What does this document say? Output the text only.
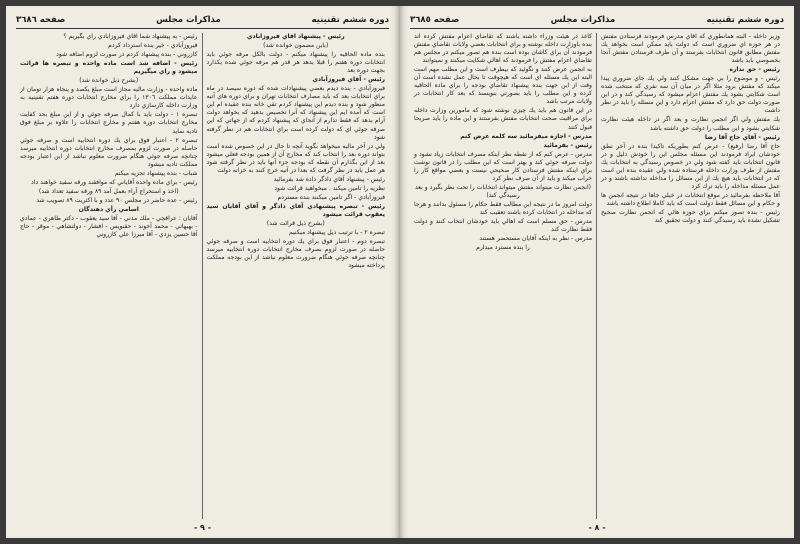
دوره ششم تقنينيه
مذاکرات مجلس
صفحه ٣٦٨٦

رئيس - پيشنهاد آقاي فيروزآبادي

(باين مضمون خوانده شد)

بنده ماده الحاقيه را پيشنهاد ميکنم - دولت بالکل مرفه جوئي بايد انتخابات دوره هفتم را قبلا بدهد هر قدر هم مرفه جوئي شده بکذارد بجهت دوره بعد

رئيس - آقاي فيروزآبادي

فيروزآبادي - بنده ديدم بعضي پيشنهادات شده كه دوره سيصد در ماه براي انتخابات بعد كه بايد مصارف انتخابات تهران و براي دوره هاي آتيه منظور شود و بنده ديدم اين پيشنهاد كردم تقي خانه بنده عقيده ام اين است كه آمده ايم اين پيشنهاد كه آنرا تخصيص بدهيد كه بخواهد دولت آرام بدهد كه فقط تدارم از آنجاي كه پيشنهاد كردم كه از جهاتي كه اين صرفه جوئي اي كه دولت كرده است براي انتخابات هم در نظر گرفته شود

ولي در آخر ماليه ميخواهد بگويد آنچه تا حال در اين خصوص شده است بتواند دوره بعد را انتخاب كند كه مخارج آن از همين بودجه فعلي ميشود بعد از اين بگذارم آن نقطه كه بودجه جزء آنها بايد در نظر گرفته شود هر عمل بايد در نظر گرفت كه بعدا در آتيه خرج كنند به خزانه دولت

رئيس - پيشنهاد آقاي دادگر داده شد بفرمائيد

نظريه را تامين ميكند . ميخواهيد قرائت شود

فيروزآبادي - اگر تامين ميكنند بنده مستردم

رئيس - تبصره پيشنهادي آقاي دادگر و آقاي آقايان سيد يعقوب قرائت ميشود

(بشرح ذيل قرائت شد)

تبصره ٢ - با ترتيب ذيل پيشنهاد ميكنيم

تبصره دوم - اعتبار فوق براي يك دوره انتخابيه است و صرفه جوئي حاصله در صورت لزوم بصرف مخارج انتخابات دوره انتخابيه ميرسد چنانچه صرفه جوئي هنگام ضرورت معلوم نباشد از اين بودجه مملكت پرداخته ميشود

رئيس - به پيشنهاد شما آقاي فيروزآبادي راي بگيريم ؟

فيروزآبادي - خير بنده استرداد كردم

كازروني - بنده پيشنهاد كردم در صورت لزوم اضافه شود

رئيس - اضافه شد است ماده واحده و تبصره ها قرائت ميشود و راي ميگيريم

(بشرح ذيل خوانده شد)

ماده واحده - وزارت ماليه مجاز است مبلغ يكصد و پنجاه هزار تومان از عايدات مملكت ١٣٠٦ را براي مخارج انتخابات دوره هفتم تقنينيه به وزارت داخله كارسازي دارد

تبصره ١ - دولت بايد با كمال صرفه جوئي و از اين مبلغ بحد كفايت مخارج انتخابات دوره هفتم و مخارج انتخابات را علاوه بر مبلغ فوق تاديه نمايد

تبصره ٢ - اعتبار فوق براي يك دوره انتخابيه است و صرفه جوئي حاصله در صورت لزوم بمصرف مخارج انتخابات دوره انتخابيه ميرسد چنانچه صرفه جوئي هنگام ضرورت معلوم نباشد از اين اعتبار بودجه مملكت تاديه ميشود

شباب - بنده پيشنهاد تجزيه ميكنم

رئيس - براي ماده واحده آقاياني كه موافقند ورقه سفيد خواهند داد

(اخذ و استخراج آراء بعمل آمد ٨٩ ورقه سفيد تعداد شد)

رئيس - عده حاضر در مجلس ٩٠ عدد و با اكثريت ٨٩ تصويب شد

اسامي رأي دهندگان

آقايان : عراقچي - ملك مدني - آقا سيد يعقوب - دكتر طاهري - عمادي - بهبهاني - محمد آخوند - حقنويس - افشار - دولتشاهي - موقر - حاج آقا حسين يزدي - آقا ميرزا علي كازروني

- ٩ -
دوره ششم تقنينيه
مذاکرات مجلس
صفحه ٣٦٨٥

وزير داخله - البته همانطوري كه آقاي مدرس فرمودند فرستادن مفتش در هر حوزه اي ضروري است كه دولت بايد ممكن است بخواهد يك مفتش مطابق قانون انتخابات بفرستد و آن طرف فرستادن مفتش آنجا بخصوصي بايد باشد

رئيس - حق نداره

رئيس - و موضوع را بي جهت مشكل كنند ولي يك جاي ضروري پيدا ميكند كه مفتش برود مثلا اگر در ميان آن سه نفري كه منتخب شده است شكايتي بشود يك مفتش اعزام ميشود كه رسيدگي كند و در اين صورت دولت حق دارد كه مفتش اعزام دارد و اين مسئله را بايد در نظر داشت

يك مفتش ولي اگر انجمن نظارت و بعد اگر در داخله هيئت نظارت شكايتي بشود و اين مطلب را دولت حق داشته باشد

رئيس - آقاي حاج آقا رضا

حاج آقا رضا (رفيع) - عرض كنم بطوريكه تاكيدا بنده در آخر نطق خودشان ايراد فرمودند اين مسئله مجلس اين را خودش دليل و در قانون انتخابات بايد كفته شود ولي در خصوص رسيدگي به انتخابات يك مفتش از طرف وزارت داخله فرستاده شده ولي عقيده بنده اين است كه در انتخابات بايد هيچ يك از اين مسائل را مداخله نداشته باشند و در عمل مسئله مداخله را بايد ترك كرد

آقا ملاحظه بفرمائيد در موقع انتخابات در خيلي جاها در نتيجه انجمن ها و حكام و اين مسائل فقط دولت است كه بايد كاملا اطلاع داشته باشد

رئيس - بنده تصور ميكنم براي حوزه هائي كه انجمن نظارت صحيح تشكيل نشده بايد رسيدگي كنند و دولت تحقيق كند

كاغذ در هيئت وزراء داشته باشند كه تقاضاي اعزام مفتش كرده اند بنده باوزارت داخله نوشته و براي انتخابات بعضي ولايات تقاضاي مفتش فرمودند آن براي كاشان بوده است بنده هم تصور ميكنم در مجلس هم تقاضاي اعزام مفتش را فرمودند كه اهالي شكايت ميكنند و نميتوانند

به انجمن عرض كنند و نگوئيد كه بيطرف است و اين مطلب مهم است البته اين يك مسئله اي است كه هيچوقت تا بحال عمل نشده است آن وقت از اين جهت بنده پيشنهاد تقاضاي بودجه را براي ماده الحاقيه كرده و اين مطلب را بايد بصورتي بنويسند كه بعد كار انتخابات در ولايات مرتب باشد

در اين قانون هم بايد يك چيزي نوشته شود كه مامورين وزارت داخله براي مراقبت صحت انتخابات مفتش بفرستند و اين ماده را بايد صريحا قبول كنند

مدرس - اجازه ميفرمائيد سه كلمه عرض كنم

رئيس - بفرمائيد

مدرس - عرض كنم كه از نقطه نظر اينكه مصرف انتخابات زياد نشود و دولت صرفه جوئي كند و بهتر است كه اين مطلب را در قانون نوشت براي اينكه مفتش فرستادن كار صحيحي نيست و بعضي مواقع كار را خراب ميكند و بايد از آن صرف نظر كرد

(انجمن نظارت ميتواند مفتش ميتواند انتخابات را تحت نظر بگيرد و بعد رسيدگي كند)

دولت امروز ما در نتيجه اين مطالب فقط حكام را مسئول بدانند و هرجا كه مداخله در انتخابات كرده باشند تعقيب كند

مدرس - حق مسلم است كه اهالي بايد خودشان انتخاب كنند و دولت فقط نظارت كند

مدرس - نظر به اينكه آقايان مستحضر هستند

را بنده مسترد ميدارم

- ٨ -
